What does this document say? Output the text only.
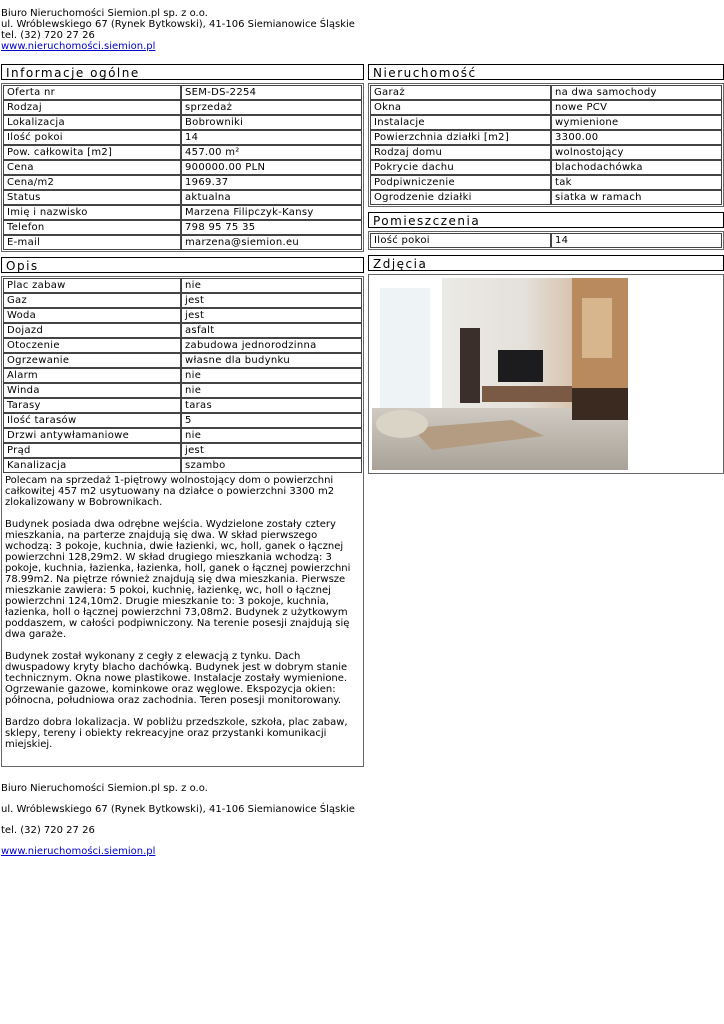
Biuro Nieruchomości Siemion.pl sp. z o.o.
ul. Wróblewskiego 67 (Rynek Bytkowski), 41-106 Siemianowice Śląskie
tel. (32) 720 27 26
www.nieruchomości.siemion.pl
Informacje ogólne
Oferta nr	SEM-DS-2254
Rodzaj	sprzedaż
Lokalizacja	Bobrowniki
Ilość pokoi	14
Pow. całkowita [m2]	457.00 m²
Cena	900000.00 PLN
Cena/m2	1969.37
Status	aktualna
Imię i nazwisko	Marzena Filipczyk-Kansy
Telefon	798 95 75 35
E-mail	marzena@siemion.eu
Opis
Plac zabaw	nie
Gaz	jest
Woda	jest
Dojazd	asfalt
Otoczenie	zabudowa jednorodzinna
Ogrzewanie	własne dla budynku
Alarm	nie
Winda	nie
Tarasy	taras
Ilość tarasów	5
Drzwi antywłamaniowe	nie
Prąd	jest
Kanalizacja	szambo

Polecam na sprzedaż 1-piętrowy wolnostojący dom o powierzchni całkowitej 457 m2 usytuowany na działce o powierzchni 3300 m2 zlokalizowany w Bobrownikach.

Budynek posiada dwa odrębne wejścia. Wydzielone zostały cztery mieszkania, na parterze znajdują się dwa. W skład pierwszego wchodzą: 3 pokoje, kuchnia, dwie łazienki, wc, holl, ganek o łącznej powierzchni 128,29m2. W skład drugiego mieszkania wchodzą: 3 pokoje, kuchnia, łazienka, łazienka, holl, ganek o łącznej powierzchni 78.99m2. Na piętrze również znajdują się dwa mieszkania. Pierwsze mieszkanie zawiera: 5 pokoi, kuchnię, łazienkę, wc, holl o łącznej powierzchni 124,10m2. Drugie mieszkanie to: 3 pokoje, kuchnia, łazienka, holl o łącznej powierzchni 73,08m2. Budynek z użytkowym poddaszem, w całości podpiwniczony. Na terenie posesji znajdują się dwa garaże.

Budynek został wykonany z cegły z elewacją z tynku. Dach dwuspadowy kryty blacho dachówką. Budynek jest w dobrym stanie technicznym. Okna nowe plastikowe. Instalacje zostały wymienione. Ogrzewanie gazowe, kominkowe oraz węglowe. Ekspozycja okien: północna, południowa oraz zachodnia. Teren posesji monitorowany.

Bardzo dobra lokalizacja. W pobliżu przedszkole, szkoła, plac zabaw, sklepy, tereny i obiekty rekreacyjne oraz przystanki komunikacji miejskiej.

Nieruchomość
Garaż	na dwa samochody
Okna	nowe PCV
Instalacje	wymienione
Powierzchnia działki [m2]	3300.00
Rodzaj domu	wolnostojący
Pokrycie dachu	blachodachówka
Podpiwniczenie	tak
Ogrodzenie działki	siatka w ramach
Pomieszczenia
Ilość pokoi	14
Zdjęcia
Biuro Nieruchomości Siemion.pl sp. z o.o.
ul. Wróblewskiego 67 (Rynek Bytkowski), 41-106 Siemianowice Śląskie
tel. (32) 720 27 26
www.nieruchomości.siemion.pl
